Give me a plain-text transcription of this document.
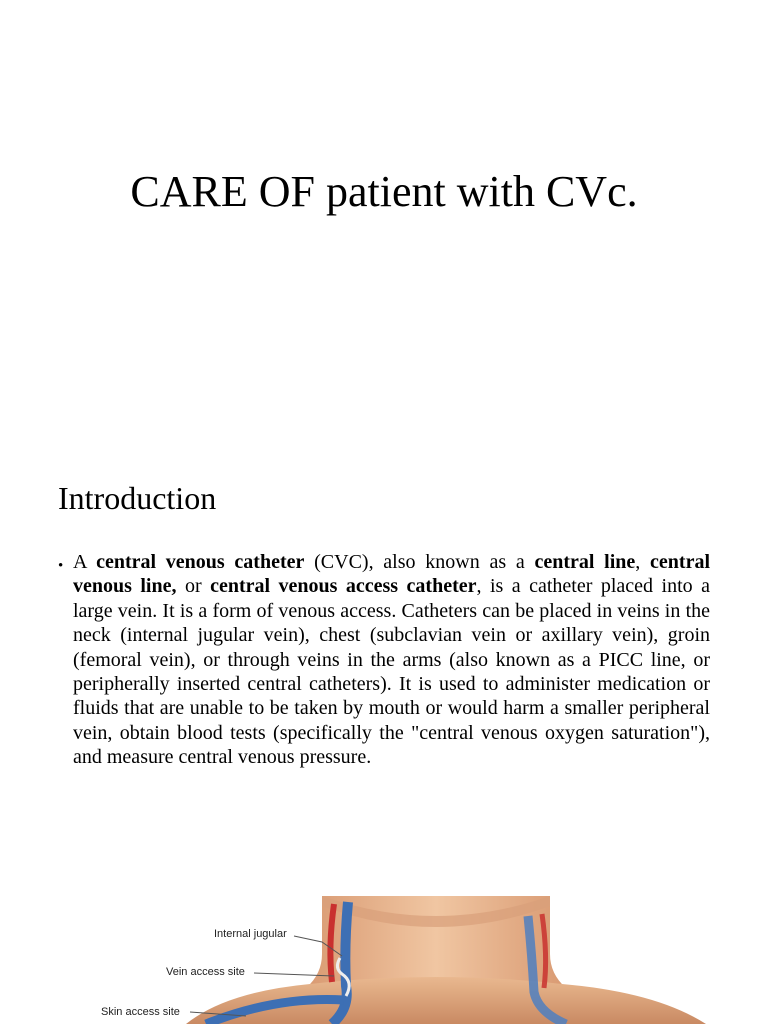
CARE OF patient with CVc.
Introduction
• A central venous catheter (CVC), also known as a central line, central venous line, or central venous access catheter, is a catheter placed into a large vein. It is a form of venous access. Catheters can be placed in veins in the neck (internal jugular vein), chest (subclavian vein or axillary vein), groin (femoral vein), or through veins in the arms (also known as a PICC line, or peripherally inserted central catheters). It is used to administer medication or fluids that are unable to be taken by mouth or would harm a smaller peripheral vein, obtain blood tests (specifically the "central venous oxygen saturation"), and measure central venous pressure.
Internal jugular
Vein access site
Skin access site
